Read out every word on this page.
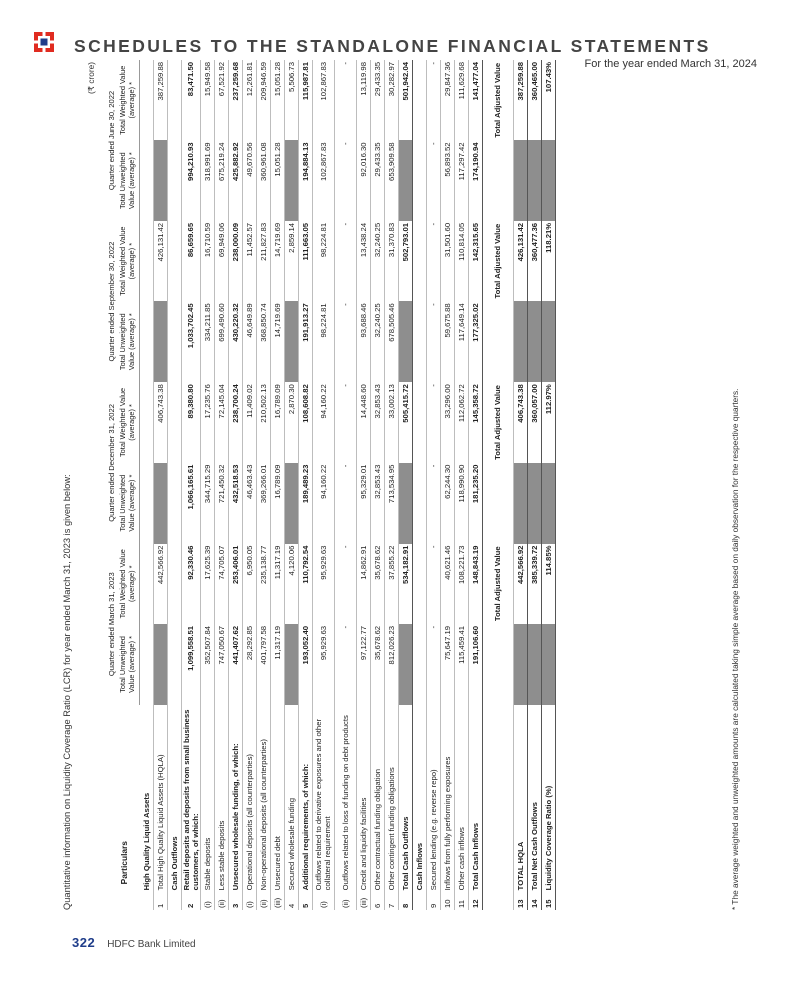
SCHEDULES TO THE STANDALONE FINANCIAL STATEMENTS
For the year ended March 31, 2024
Quantitative information on Liquidity Coverage Ratio (LCR) for year ended March 31, 2023 is given below:
(₹ crore)
	Particulars	Quarter ended March 31, 2023		Quarter ended December 31, 2022		Quarter ended September 30, 2022		Quarter ended June 30, 2022	
		Total Unweighted Value (average) *	Total Weighted Value (average) *	Total Unweighted Value (average) *	Total Weighted Value (average) *	Total Unweighted Value (average) *	Total Weighted Value (average) *	Total Unweighted Value (average) *	Total Weighted Value (average) *
	High Quality Liquid Assets								
1	Total High Quality Liquid Assets (HQLA)		442,566.92		406,743.38		426,131.42		387,259.88
	Cash Outflows								
2	Retail deposits and deposits from small business customers, of which:	1,099,558.51	92,330.46	1,066,165.61	89,380.80	1,033,702.45	86,659.65	994,210.93	83,471.50
(i)	Stable deposits	352,507.84	17,625.39	344,715.29	17,235.76	334,211.85	16,710.59	318,991.69	15,949.58
(ii)	Less stable deposits	747,050.67	74,705.07	721,450.32	72,145.04	699,490.60	69,949.06	675,219.24	67,521.92
3	Unsecured wholesale funding, of which:	441,407.62	253,406.01	432,518.53	238,700.24	430,220.32	238,000.09	425,882.92	237,259.68
(i)	Operational deposits (all counterparties)	28,292.85	6,950.05	46,463.43	11,409.02	46,649.89	11,452.57	49,670.56	12,261.81
(ii)	Non-operational deposits (all counterparties)	401,797.58	235,138.77	369,266.01	210,502.13	368,850.74	211,827.83	360,961.08	209,946.59
(iii)	Unsecured debt	11,317.19	11,317.19	16,789.09	16,789.09	14,719.69	14,719.69	15,051.28	15,051.28
4	Secured wholesale funding		4,120.06		2,870.30		2,859.14		5,506.73
5	Additional requirements, of which:	193,052.40	110,792.54	189,489.23	108,608.82	191,913.27	111,663.05	194,884.13	115,987.81
(i)	Outflows related to derivative exposures and other collateral requirement	95,929.63	95,929.63	94,160.22	94,160.22	98,224.81	98,224.81	102,867.83	102,867.83
(ii)	Outflows related to loss of funding on debt products	-	-	-	-	-	-	-	-
(iii)	Credit and liquidity facilities	97,122.77	14,862.91	95,329.01	14,448.60	93,688.46	13,438.24	92,016.30	13,119.98
6	Other contractual funding obligation	35,678.62	35,678.62	32,853.43	32,853.43	32,240.25	32,240.25	29,433.35	29,433.35
7	Other contingent funding obligations	812,026.23	37,855.22	713,534.95	33,002.13	678,505.46	31,370.83	653,909.58	30,282.97
8	Total Cash Outflows		534,182.91		505,415.72		502,793.01		501,942.04
	Cash Inflows								
9	Secured lending (e.g. reverse repo)	-	-	-	-	-	-	-	-
10	Inflows from fully performing exposures	75,647.19	40,621.46	62,244.30	33,296.00	59,675.88	31,501.60	56,893.52	29,847.36
11	Other cash inflows	115,459.41	108,221.73	118,990.90	112,062.72	117,649.14	110,814.05	117,297.42	111,629.68
12	Total Cash Inflows	191,106.60	148,843.19	181,235.20	145,358.72	177,325.02	142,315.65	174,190.94	141,477.04
			Total Adjusted Value		Total Adjusted Value		Total Adjusted Value		Total Adjusted Value
13	TOTAL HQLA		442,566.92		406,743.38		426,131.42		387,259.88
14	Total Net Cash Outflows		385,339.72		360,057.00		360,477.36		360,465.00
15	Liquidity Coverage Ratio (%)		114.85%		112.97%		118.21%		107.43%
* The average weighted and unweighted amounts are calculated taking simple average based on daily observation for the respective quarters.
322 HDFC Bank Limited
